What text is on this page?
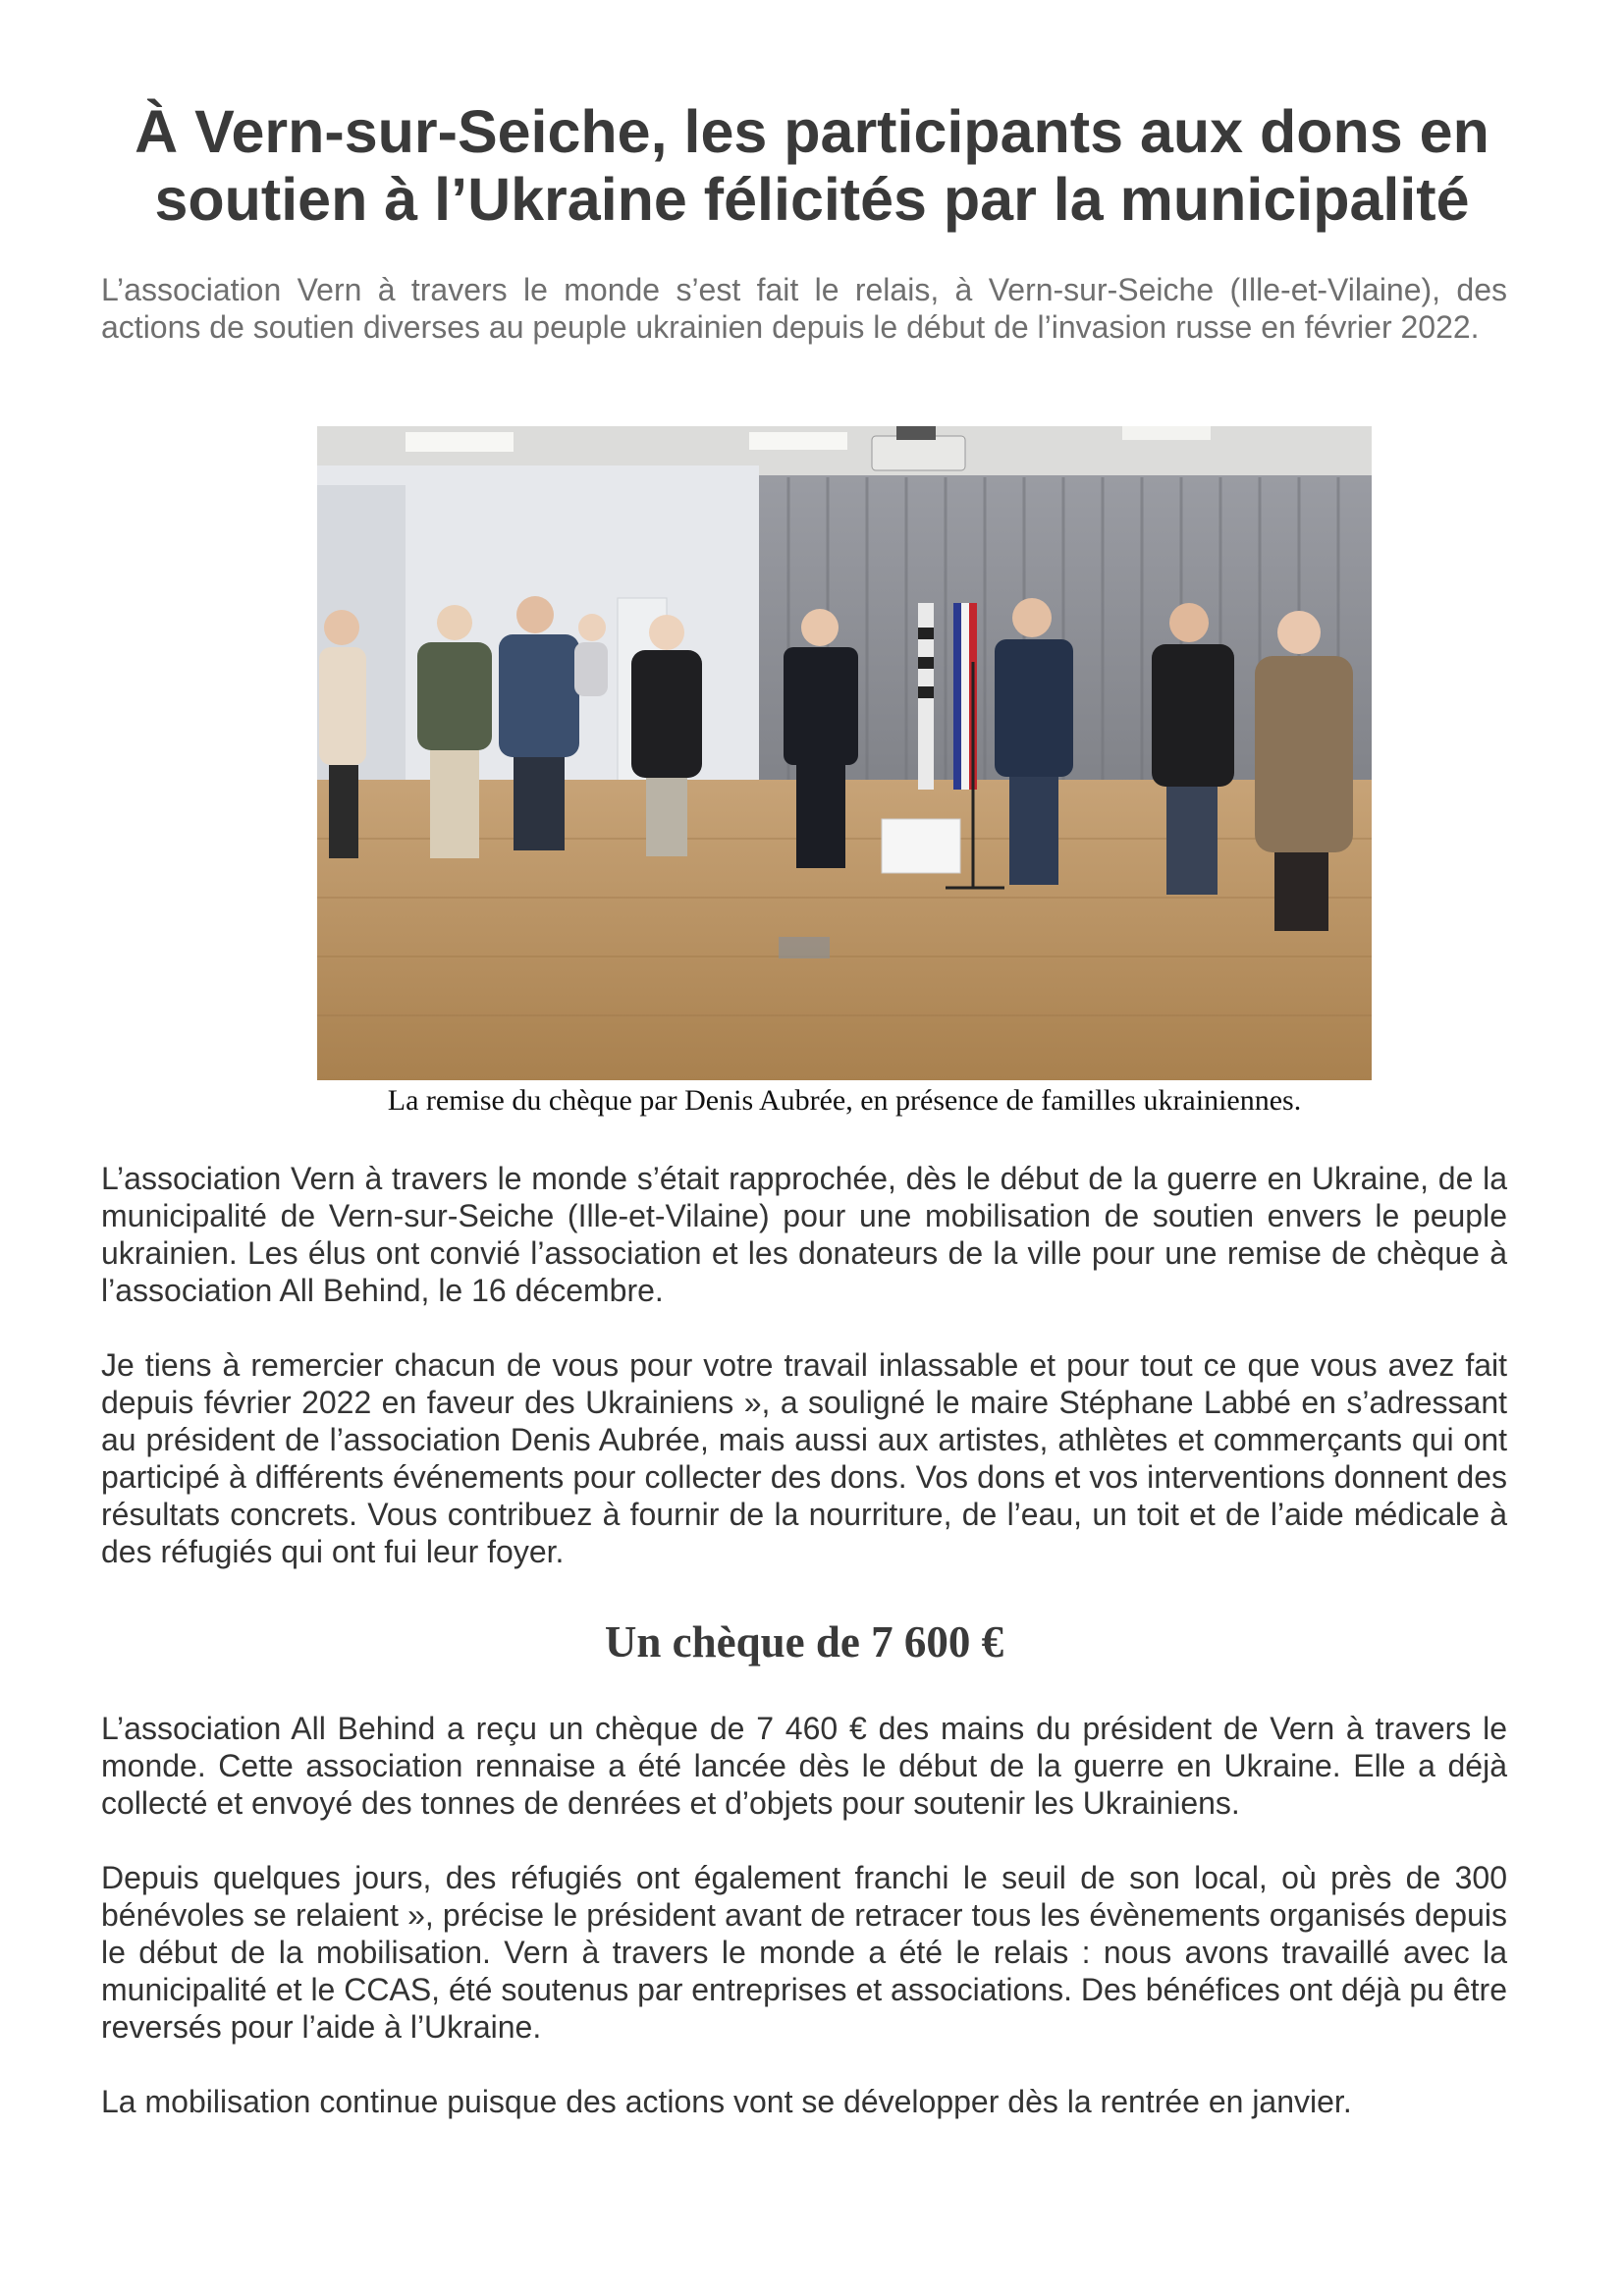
À Vern-sur-Seiche, les participants aux dons en soutien à l’Ukraine félicités par la municipalité

L’association Vern à travers le monde s’est fait le relais, à Vern-sur-Seiche (Ille-et-Vilaine), des actions de soutien diverses au peuple ukrainien depuis le début de l’invasion russe en février 2022.

La remise du chèque par Denis Aubrée, en présence de familles ukrainiennes.

L’association Vern à travers le monde s’était rapprochée, dès le début de la guerre en Ukraine, de la municipalité de Vern-sur-Seiche (Ille-et-Vilaine) pour une mobilisation de soutien envers le peuple ukrainien. Les élus ont convié l’association et les donateurs de la ville pour une remise de chèque à l’association All Behind, le 16 décembre.

Je tiens à remercier chacun de vous pour votre travail inlassable et pour tout ce que vous avez fait depuis février 2022 en faveur des Ukrainiens », a souligné le maire Stéphane Labbé en s’adressant au président de l’association Denis Aubrée, mais aussi aux artistes, athlètes et commerçants qui ont participé à différents événements pour collecter des dons. Vos dons et vos interventions donnent des résultats concrets. Vous contribuez à fournir de la nourriture, de l’eau, un toit et de l’aide médicale à des réfugiés qui ont fui leur foyer.

Un chèque de 7 600 €

L’association All Behind a reçu un chèque de 7 460 € des mains du président de Vern à travers le monde. Cette association rennaise a été lancée dès le début de la guerre en Ukraine. Elle a déjà collecté et envoyé des tonnes de denrées et d’objets pour soutenir les Ukrainiens.

Depuis quelques jours, des réfugiés ont également franchi le seuil de son local, où près de 300 bénévoles se relaient », précise le président avant de retracer tous les évènements organisés depuis le début de la mobilisation. Vern à travers le monde a été le relais : nous avons travaillé avec la municipalité et le CCAS, été soutenus par entreprises et associations. Des bénéfices ont déjà pu être reversés pour l’aide à l’Ukraine.

La mobilisation continue puisque des actions vont se développer dès la rentrée en janvier.
